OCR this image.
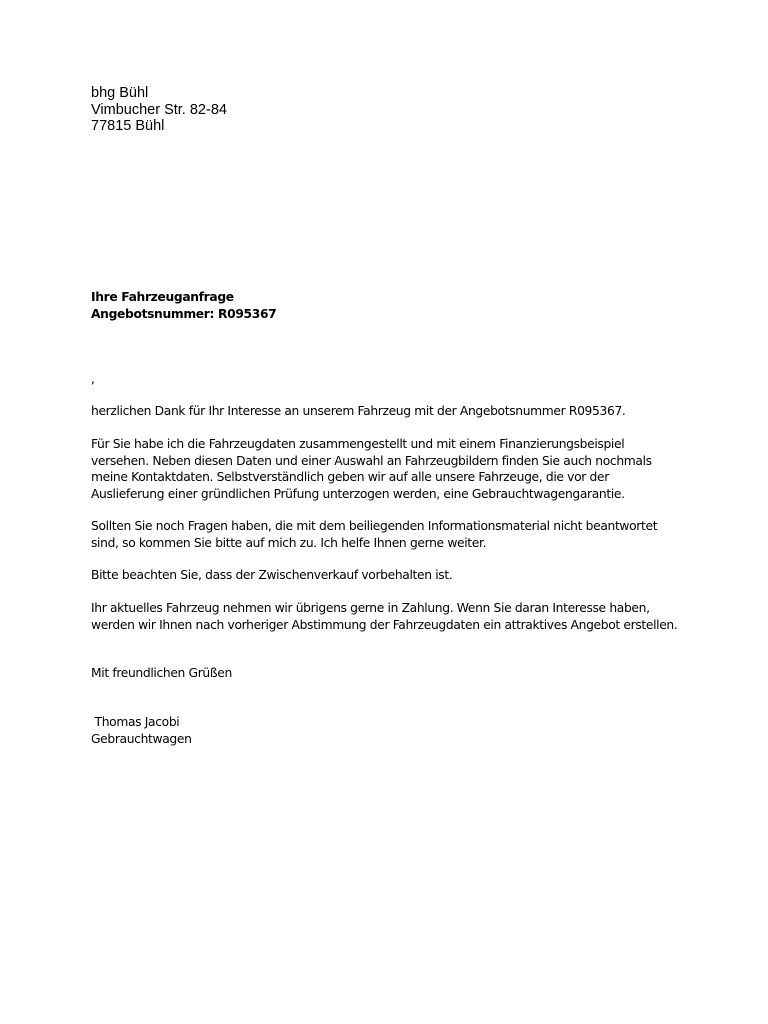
bhg Bühl
Vimbucher Str. 82-84
77815 Bühl
Ihre Fahrzeuganfrage
Angebotsnummer: R095367
,
herzlichen Dank für Ihr Interesse an unserem Fahrzeug mit der Angebotsnummer R095367.
Für Sie habe ich die Fahrzeugdaten zusammengestellt und mit einem Finanzierungsbeispiel
versehen. Neben diesen Daten und einer Auswahl an Fahrzeugbildern finden Sie auch nochmals
meine Kontaktdaten. Selbstverständlich geben wir auf alle unsere Fahrzeuge, die vor der
Auslieferung einer gründlichen Prüfung unterzogen werden, eine Gebrauchtwagengarantie.
Sollten Sie noch Fragen haben, die mit dem beiliegenden Informationsmaterial nicht beantwortet
sind, so kommen Sie bitte auf mich zu. Ich helfe Ihnen gerne weiter.
Bitte beachten Sie, dass der Zwischenverkauf vorbehalten ist.
Ihr aktuelles Fahrzeug nehmen wir übrigens gerne in Zahlung. Wenn Sie daran Interesse haben,
werden wir Ihnen nach vorheriger Abstimmung der Fahrzeugdaten ein attraktives Angebot erstellen.
Mit freundlichen Grüßen
Thomas Jacobi
Gebrauchtwagen
